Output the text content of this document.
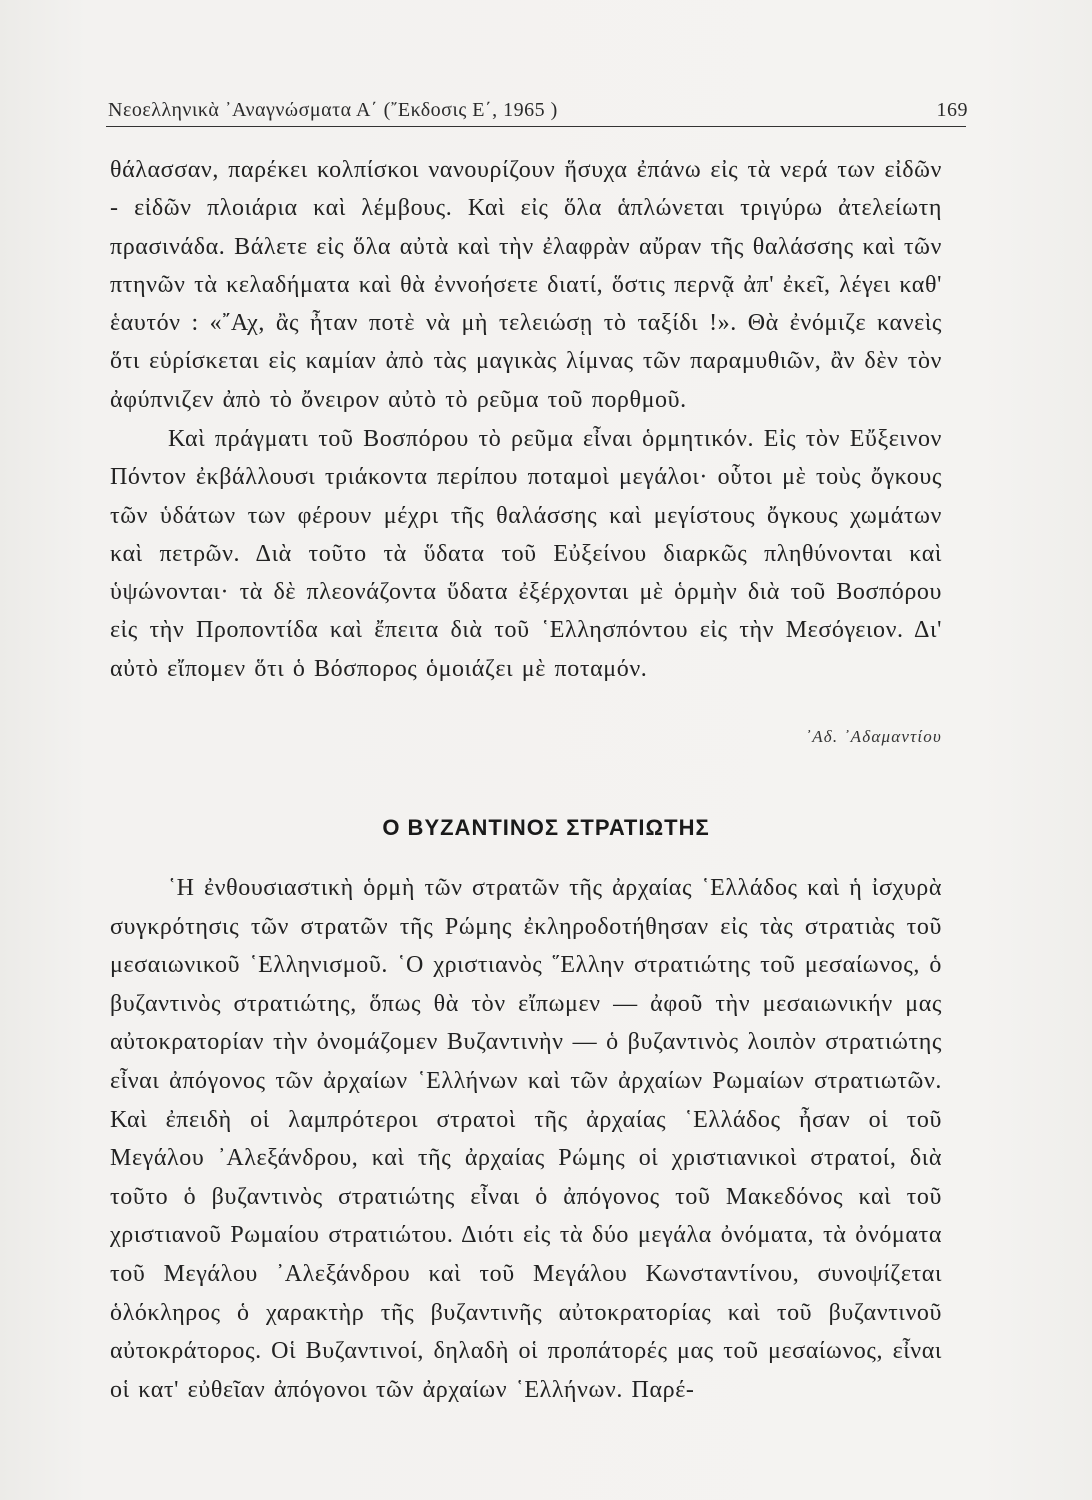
Νεοελληνικὰ ᾿Αναγνώσματα Α΄ (῎Εκδοσις Ε΄, 1965 )	169

θάλασσαν, παρέκει κολπίσκοι νανουρίζουν ἥσυχα ἐπάνω εἰς τὰ νερά των εἰδῶν - εἰδῶν πλοιάρια καὶ λέμβους. Καὶ εἰς ὅλα ἁπλώνεται τριγύρω ἀτελείωτη πρασινάδα. Βάλετε εἰς ὅλα αὐτὰ καὶ τὴν ἐλαφρὰν αὔραν τῆς θαλάσσης καὶ τῶν πτηνῶν τὰ κελαδήματα καὶ θὰ ἐννοήσετε διατί, ὅστις περνᾷ ἀπ' ἐκεῖ, λέγει καθ' ἑαυτόν : «῎Αχ, ἂς ἦταν ποτὲ νὰ μὴ τελειώσῃ τὸ ταξίδι !». Θὰ ἐνόμιζε κανεὶς ὅτι εὑρίσκεται εἰς καμίαν ἀπὸ τὰς μαγικὰς λίμνας τῶν παραμυθιῶν, ἂν δὲν τὸν ἀφύπνιζεν ἀπὸ τὸ ὄνειρον αὐτὸ τὸ ρεῦμα τοῦ πορθμοῦ.

Καὶ πράγματι τοῦ Βοσπόρου τὸ ρεῦμα εἶναι ὁρμητικόν. Εἰς τὸν Εὔξεινον Πόντον ἐκβάλλουσι τριάκοντα περίπου ποταμοὶ μεγάλοι· οὗτοι μὲ τοὺς ὄγκους τῶν ὑδάτων των φέρουν μέχρι τῆς θαλάσσης καὶ μεγίστους ὄγκους χωμάτων καὶ πετρῶν. Διὰ τοῦτο τὰ ὕδατα τοῦ Εὐξείνου διαρκῶς πληθύνονται καὶ ὑψώνονται· τὰ δὲ πλεονάζοντα ὕδατα ἐξέρχονται μὲ ὁρμὴν διὰ τοῦ Βοσπόρου εἰς τὴν Προποντίδα καὶ ἔπειτα διὰ τοῦ ῾Ελλησπόντου εἰς τὴν Μεσόγειον. Δι' αὐτὸ εἴπομεν ὅτι ὁ Βόσπορος ὁμοιάζει μὲ ποταμόν.

᾿Αδ. ᾿Αδαμαντίου
Ο ΒΥΖΑΝΤΙΝΟΣ ΣΤΡΑΤΙΩΤΗΣ

῾Η ἐνθουσιαστικὴ ὁρμὴ τῶν στρατῶν τῆς ἀρχαίας ῾Ελλάδος καὶ ἡ ἰσχυρὰ συγκρότησις τῶν στρατῶν τῆς Ρώμης ἐκληροδοτήθησαν εἰς τὰς στρατιὰς τοῦ μεσαιωνικοῦ ῾Ελληνισμοῦ. ῾Ο χριστιανὸς ῞Ελλην στρατιώτης τοῦ μεσαίωνος, ὁ βυζαντινὸς στρατιώτης, ὅπως θὰ τὸν εἴπωμεν — ἀφοῦ τὴν μεσαιωνικήν μας αὐτοκρατορίαν τὴν ὀνομάζομεν Βυζαντινὴν — ὁ βυζαντινὸς λοιπὸν στρατιώτης εἶναι ἀπόγονος τῶν ἀρχαίων ῾Ελλήνων καὶ τῶν ἀρχαίων Ρωμαίων στρατιωτῶν. Καὶ ἐπειδὴ οἱ λαμπρότεροι στρατοὶ τῆς ἀρχαίας ῾Ελλάδος ἦσαν οἱ τοῦ Μεγάλου ᾿Αλεξάνδρου, καὶ τῆς ἀρχαίας Ρώμης οἱ χριστιανικοὶ στρατοί, διὰ τοῦτο ὁ βυζαντινὸς στρατιώτης εἶναι ὁ ἀπόγονος τοῦ Μακεδόνος καὶ τοῦ χριστιανοῦ Ρωμαίου στρατιώτου. Διότι εἰς τὰ δύο μεγάλα ὀνόματα, τὰ ὀνόματα τοῦ Μεγάλου ᾿Αλεξάνδρου καὶ τοῦ Μεγάλου Κωνσταντίνου, συνοψίζεται ὁλόκληρος ὁ χαρακτὴρ τῆς βυζαντινῆς αὐτοκρατορίας καὶ τοῦ βυζαντινοῦ αὐτοκράτορος. Οἱ Βυζαντινοί, δηλαδὴ οἱ προπάτορές μας τοῦ μεσαίωνος, εἶναι οἱ κατ' εὐθεῖαν ἀπόγονοι τῶν ἀρχαίων ῾Ελλήνων. Παρέ-
